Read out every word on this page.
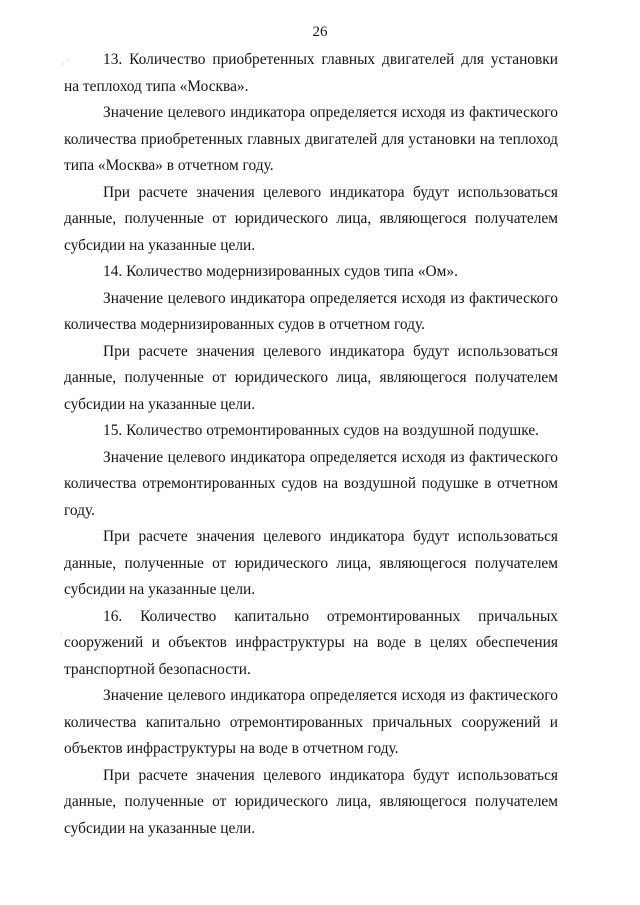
26
·˙
·
·

13. Количество приобретенных главных двигателей для установки на теплоход типа «Москва».

Значение целевого индикатора определяется исходя из фактического количества приобретенных главных двигателей для установки на теплоход типа «Москва» в отчетном году.

При расчете значения целевого индикатора будут использоваться данные, полученные от юридического лица, являющегося получателем субсидии на указанные цели.

14. Количество модернизированных судов типа «Ом».

Значение целевого индикатора определяется исходя из фактического количества модернизированных судов в отчетном году.

При расчете значения целевого индикатора будут использоваться данные, полученные от юридического лица, являющегося получателем субсидии на указанные цели.

15. Количество отремонтированных судов на воздушной подушке.

Значение целевого индикатора определяется исходя из фактического количества отремонтированных судов на воздушной подушке в отчетном году.

При расчете значения целевого индикатора будут использоваться данные, полученные от юридического лица, являющегося получателем субсидии на указанные цели.

16. Количество капитально отремонтированных причальных сооружений и объектов инфраструктуры на воде в целях обеспечения транспортной безопасности.

Значение целевого индикатора определяется исходя из фактического количества капитально отремонтированных причальных сооружений и объектов инфраструктуры на воде в отчетном году.

При расчете значения целевого индикатора будут использоваться данные, полученные от юридического лица, являющегося получателем субсидии на указанные цели.
